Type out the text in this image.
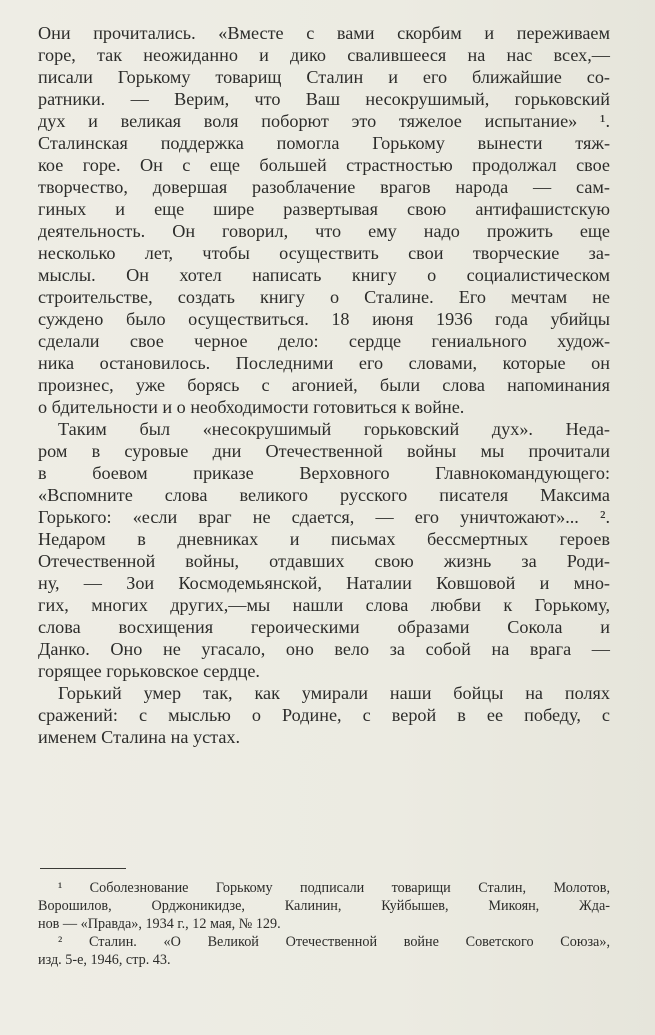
Они прочитались. «Вместе с вами скорбим и переживаем
горе, так неожиданно и дико свалившееся на нас всех,—
писали Горькому товарищ Сталин и его ближайшие со-
ратники. — Верим, что Ваш несокрушимый, горьковский
дух и великая воля поборют это тяжелое испытание» ¹.
Сталинская поддержка помогла Горькому вынести тяж-
кое горе. Он с еще большей страстностью продолжал свое
творчество, довершая разоблачение врагов народа — сам-
гиных и еще шире развертывая свою антифашистскую
деятельность. Он говорил, что ему надо прожить еще
несколько лет, чтобы осуществить свои творческие за-
мыслы. Он хотел написать книгу о социалистическом
строительстве, создать книгу о Сталине. Его мечтам не
суждено было осуществиться. 18 июня 1936 года убийцы
сделали свое черное дело: сердце гениального худож-
ника остановилось. Последними его словами, которые он
произнес, уже борясь с агонией, были слова напоминания
о бдительности и о необходимости готовиться к войне.
Таким был «несокрушимый горьковский дух». Неда-
ром в суровые дни Отечественной войны мы прочитали
в боевом приказе Верховного Главнокомандующего:
«Вспомните слова великого русского писателя Максима
Горького: «если враг не сдается, — его уничтожают»... ².
Недаром в дневниках и письмах бессмертных героев
Отечественной войны, отдавших свою жизнь за Роди-
ну, — Зои Космодемьянской, Наталии Ковшовой и мно-
гих, многих других,—мы нашли слова любви к Горькому,
слова восхищения героическими образами Сокола и
Данко. Оно не угасало, оно вело за собой на врага —
горящее горьковское сердце.
Горький умер так, как умирали наши бойцы на полях
сражений: с мыслью о Родине, с верой в ее победу, с
именем Сталина на устах.
¹ Соболезнование Горькому подписали товарищи Сталин, Молотов,
Ворошилов, Орджоникидзе, Калинин, Куйбышев, Микоян, Жда-
нов — «Правда», 1934 г., 12 мая, № 129.
² Сталин. «О Великой Отечественной войне Советского Союза»,
изд. 5-е, 1946, стр. 43.
